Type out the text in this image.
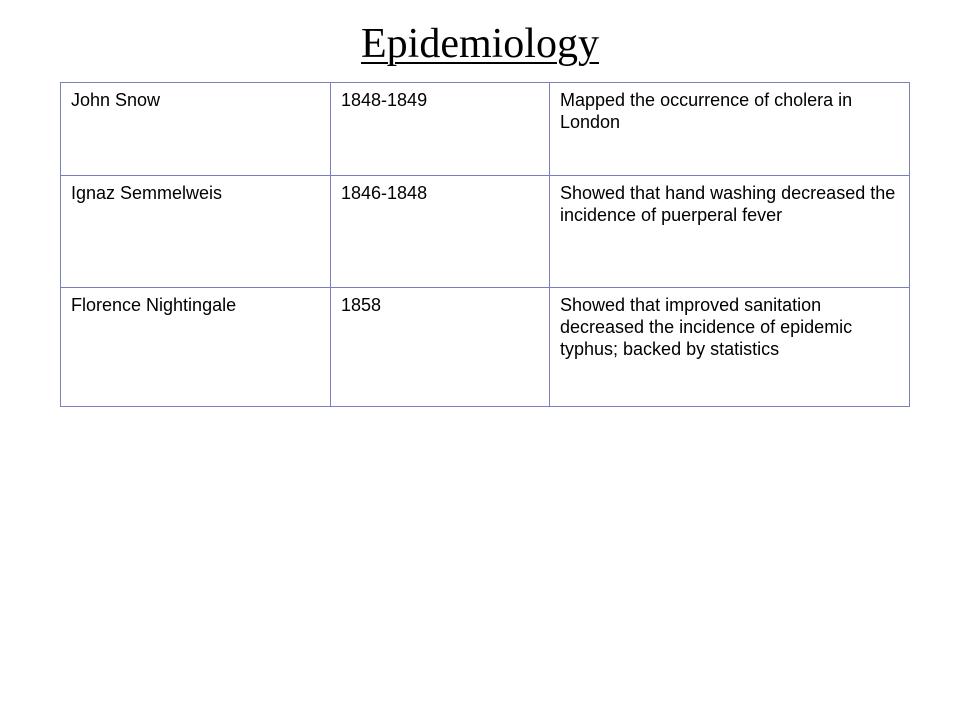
Epidemiology
John Snow	1848-1849	Mapped the occurrence of cholera in London
Ignaz Semmelweis	1846-1848	Showed that hand washing decreased the incidence of puerperal fever
Florence Nightingale	1858	Showed that improved sanitation decreased the incidence of epidemic typhus; backed by statistics
